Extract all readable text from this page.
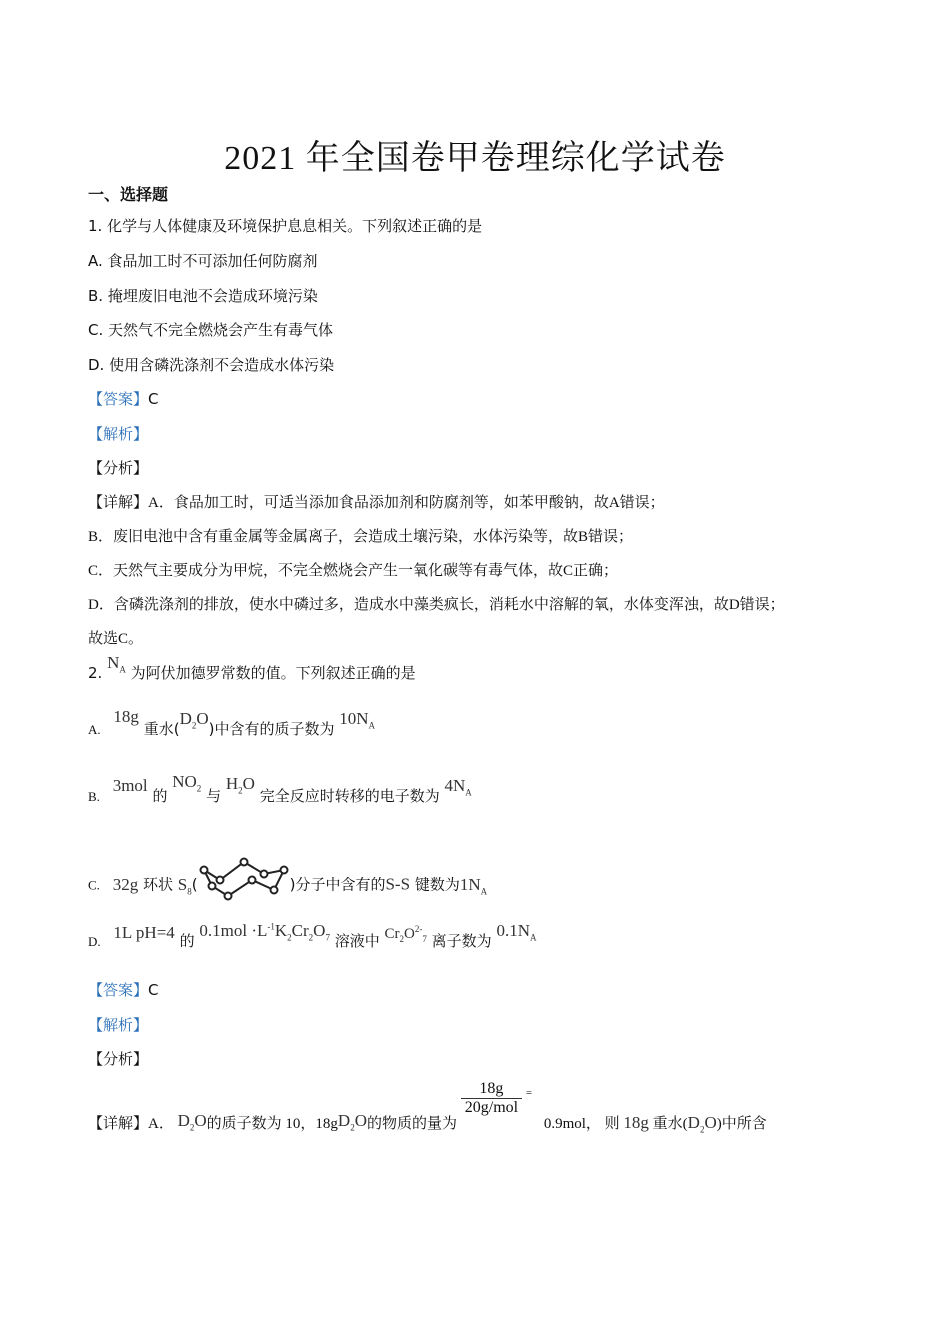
2021 年全国卷甲卷理综化学试卷
一、选择题
1. 化学与人体健康及环境保护息息相关。下列叙述正确的是
A. 食品加工时不可添加任何防腐剂
B. 掩埋废旧电池不会造成环境污染
C. 天然气不完全燃烧会产生有毒气体
D. 使用含磷洗涤剂不会造成水体污染
【答案】C
【解析】
【分析】
【详解】A．食品加工时，可适当添加食品添加剂和防腐剂等，如苯甲酸钠，故A错误；
B．废旧电池中含有重金属等金属离子，会造成土壤污染，水体污染等，故B错误；
C．天然气主要成分为甲烷，不完全燃烧会产生一氧化碳等有毒气体，故C正确；
D．含磷洗涤剂的排放，使水中磷过多，造成水中藻类疯长，消耗水中溶解的氧，水体变浑浊，故D错误；
故选C。
2. $N_A$ 为阿伏加德罗常数的值。下列叙述正确的是
A. 18g 重水$(D_2O)$中含有的质子数为 $10N_A$
B. 3mol 的 $NO_2$ 与 $H_2O$ 完全反应时转移的电子数为 $4N_A$
C. 32g 环状 $S_8$(	)分子中含有的S-S 键数为$1N_A$
D. 1L pH=4 的 $0.1mol \cdot L^{-1}K_2Cr_2O_7$ 溶液中 $Cr_2O^{2-}_7$ 离子数为 $0.1N_A$
【答案】C
【解析】
【分析】
【详解】A． $D_2O$的质子数为 10，$18gD_2O$的物质的量为
$\frac{18g}{\text{20g/mol}} ^=$ 0.9mol， 则 18g 重水$(D_2O)$中所含
